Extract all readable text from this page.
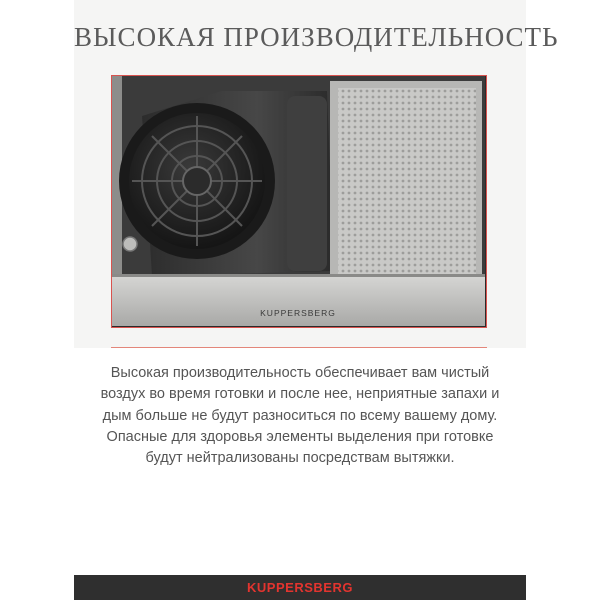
ВЫСОКАЯ ПРОИЗВОДИТЕЛЬНОСТЬ
KUPPERSBERG
Высокая производительность обеспечивает вам чистый воздух во время готовки и после нее, неприятные запахи и дым больше не будут разноситься по всему вашему дому. Опасные для здоровья элементы выделения при готовке будут нейтрализованы посредствам вытяжки.
KUPPERSBERG
